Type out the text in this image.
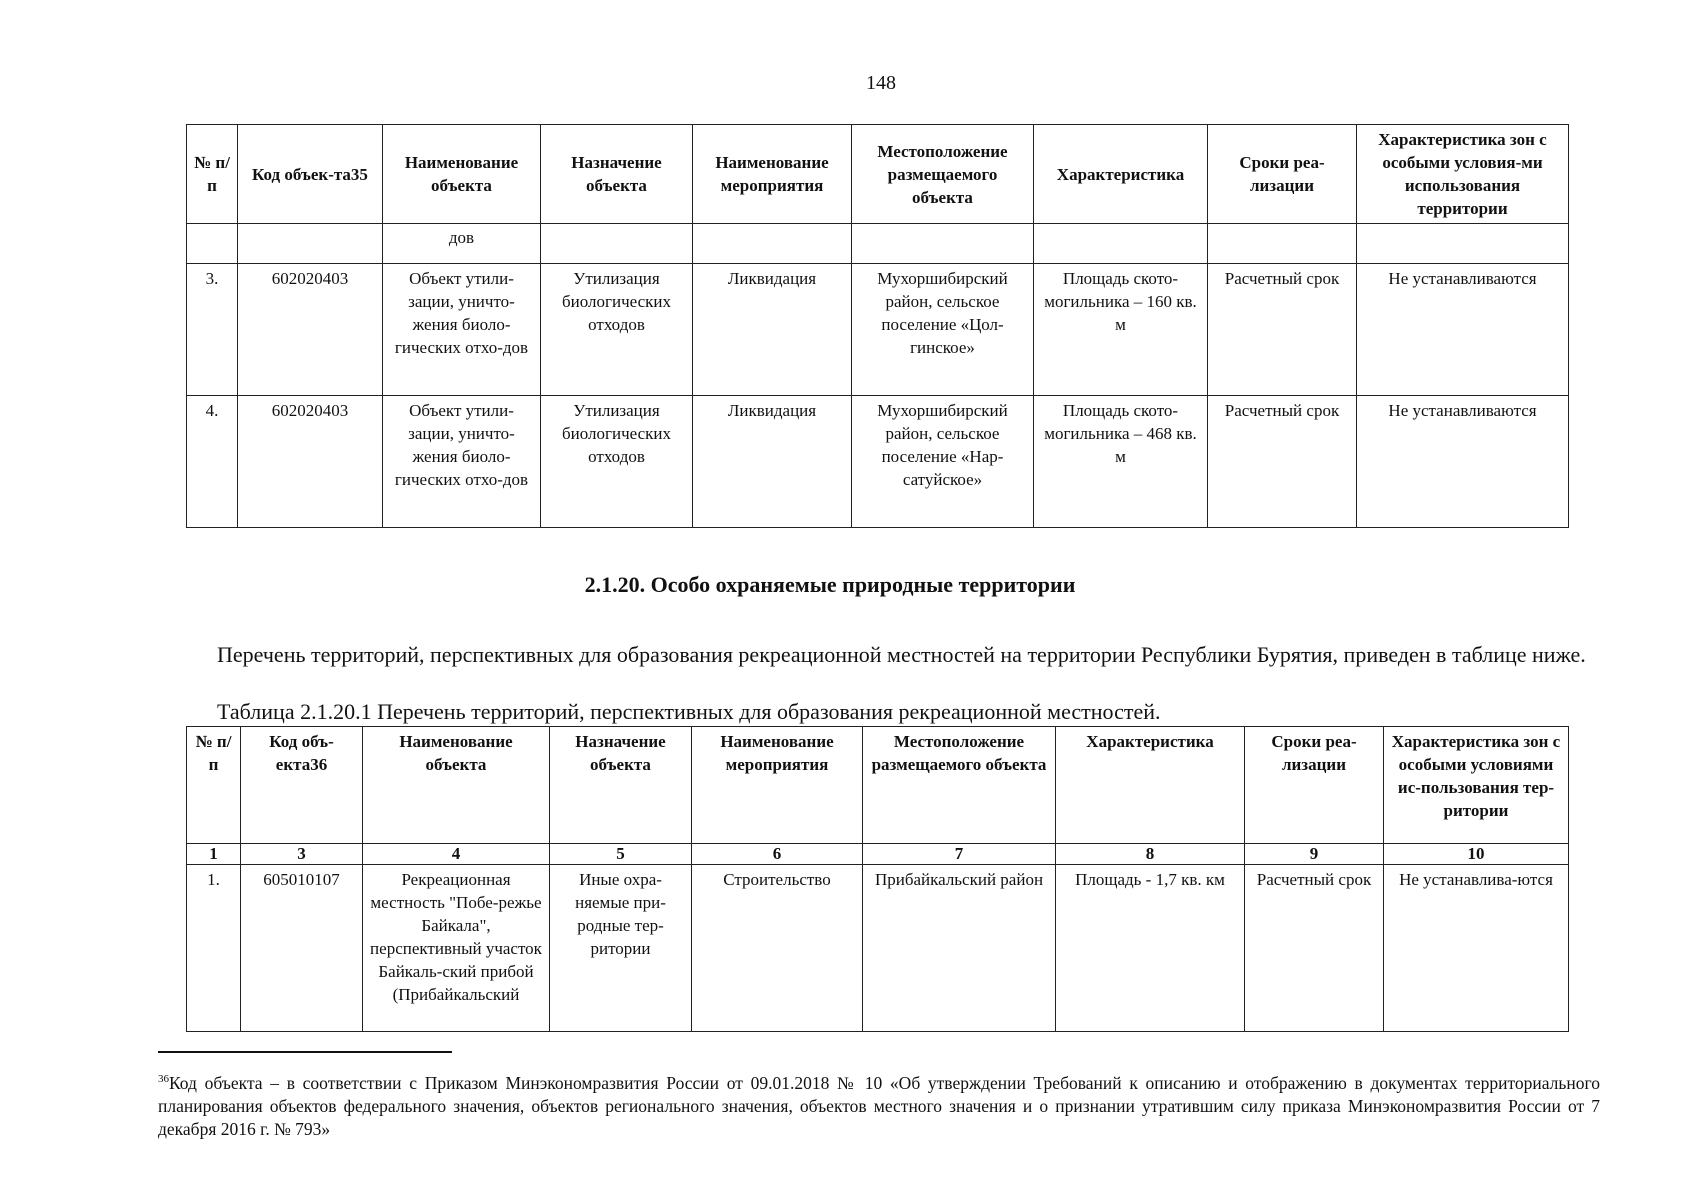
148
№ п/п	Код объек-та35	Наименование объекта	Назначение объекта	Наименование мероприятия	Местоположение размещаемого объекта	Характеристика	Сроки реа-лизации	Характеристика зон с особыми условия-ми использования территории
		дов						
3.	602020403	Объект утили-зации, уничто-жения биоло-гических отхо-дов	Утилизация биологических отходов	Ликвидация	Мухоршибирский район, сельское поселение «Цол-гинское»	Площадь ското-могильника – 160 кв. м	Расчетный срок	Не устанавливаются
4.	602020403	Объект утили-зации, уничто-жения биоло-гических отхо-дов	Утилизация биологических отходов	Ликвидация	Мухоршибирский район, сельское поселение «Нар-сатуйское»	Площадь ското-могильника – 468 кв. м	Расчетный срок	Не устанавливаются
2.1.20. Особо охраняемые природные территории

Перечень территорий, перспективных для образования рекреационной местностей на территории Республики Бурятия, приведен в таблице ниже.

Таблица 2.1.20.1 Перечень территорий, перспективных для образования рекреационной местностей.

№ п/п	Код объ-екта36	Наименование объекта	Назначение объекта	Наименование мероприятия	Местоположение размещаемого объекта	Характеристика	Сроки реа-лизации	Характеристика зон с особыми условиями ис-пользования тер-ритории
1	3	4	5	6	7	8	9	10
1.	605010107	Рекреационная местность "Побе-режье Байкала", перспективный участок Байкаль-ский прибой (Прибайкальский	Иные охра-няемые при-родные тер-ритории	Строительство	Прибайкальский район	Площадь - 1,7 кв. км	Расчетный срок	Не устанавлива-ются

$^{36}$Код объекта – в соответствии с Приказом Минэкономразвития России от 09.01.2018 № 10 «Об утверждении Требований к описанию и отображению в документах территориального планирования объектов федерального значения, объектов регионального значения, объектов местного значения и о признании утратившим силу приказа Минэкономразвития России от 7 декабря 2016 г. № 793»
